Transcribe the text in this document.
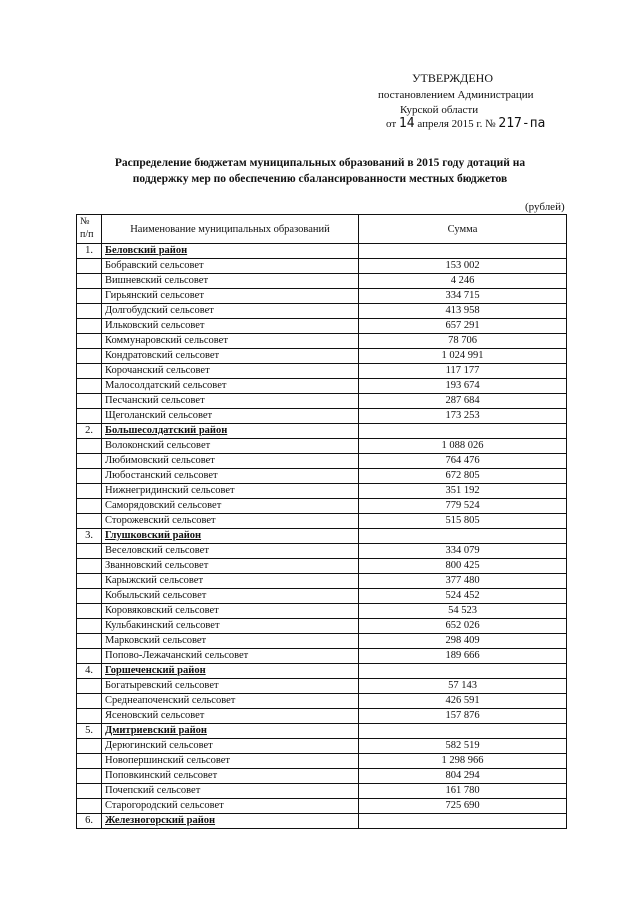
УТВЕРЖДЕНО
постановлением Администрации
Курской области
от 14 апреля 2015 г. № 217-па
Распределение бюджетам муниципальных образований в 2015 году дотаций на поддержку мер по обеспечению сбалансированности местных бюджетов
(рублей)
№ п/п	Наименование муниципальных образований	Сумма
1.	Беловский район	
	Бобравский сельсовет	153 002
	Вишневский сельсовет	4 246
	Гирьянский сельсовет	334 715
	Долгобудский сельсовет	413 958
	Ильковский сельсовет	657 291
	Коммунаровский сельсовет	78 706
	Кондратовский сельсовет	1 024 991
	Корочанский сельсовет	117 177
	Малосолдатский сельсовет	193 674
	Песчанский сельсовет	287 684
	Щеголанский сельсовет	173 253
2.	Большесолдатский район	
	Волоконский сельсовет	1 088 026
	Любимовский сельсовет	764 476
	Любостанский сельсовет	672 805
	Нижнегридинский сельсовет	351 192
	Саморядовский сельсовет	779 524
	Сторожевский сельсовет	515 805
3.	Глушковский район	
	Веселовский сельсовет	334 079
	Званновский сельсовет	800 425
	Карыжский сельсовет	377 480
	Кобыльский сельсовет	524 452
	Коровяковский сельсовет	54 523
	Кульбакинский сельсовет	652 026
	Марковский сельсовет	298 409
	Попово-Лежачанский сельсовет	189 666
4.	Горшеченский район	
	Богатыревский сельсовет	57 143
	Среднеапоченский сельсовет	426 591
	Ясеновский сельсовет	157 876
5.	Дмитриевский район	
	Дерюгинский сельсовет	582 519
	Новопершинский сельсовет	1 298 966
	Поповкинский сельсовет	804 294
	Почепский сельсовет	161 780
	Старогородский сельсовет	725 690
6.	Железногорский район	
